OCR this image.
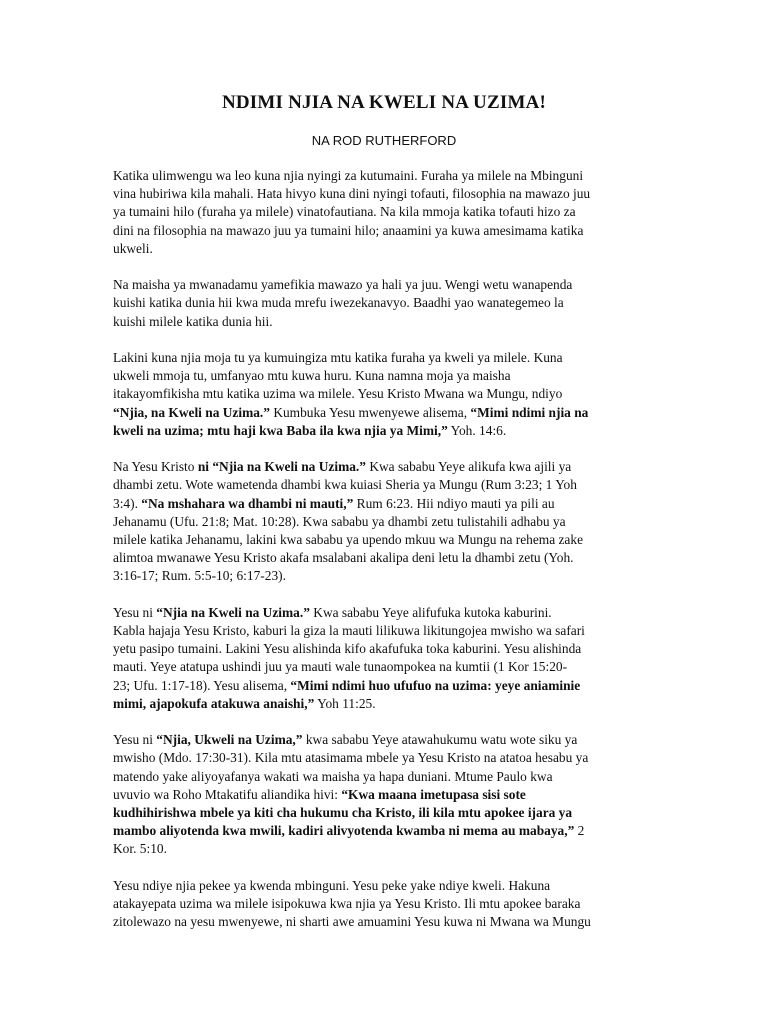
NDIMI NJIA NA KWELI NA UZIMA!

NA ROD RUTHERFORD

Katika ulimwengu wa leo kuna njia nyingi za kutumaini. Furaha ya milele na Mbinguni
vina hubiriwa kila mahali. Hata hivyo kuna dini nyingi tofauti, filosophia na mawazo juu
ya tumaini hilo (furaha ya milele) vinatofautiana. Na kila mmoja katika tofauti hizo za
dini na filosophia na mawazo juu ya tumaini hilo; anaamini ya kuwa amesimama katika
ukweli.
Na maisha ya mwanadamu yamefikia mawazo ya hali ya juu. Wengi wetu wanapenda
kuishi katika dunia hii kwa muda mrefu iwezekanavyo. Baadhi yao wanategemeo la
kuishi milele katika dunia hii.
Lakini kuna njia moja tu ya kumuingiza mtu katika furaha ya kweli ya milele. Kuna
ukweli mmoja tu, umfanyao mtu kuwa huru. Kuna namna moja ya maisha
itakayomfikisha mtu katika uzima wa milele. Yesu Kristo Mwana wa Mungu, ndiyo
“Njia, na Kweli na Uzima.” Kumbuka Yesu mwenyewe alisema, “Mimi ndimi njia na
kweli na uzima; mtu haji kwa Baba ila kwa njia ya Mimi,” Yoh. 14:6.
Na Yesu Kristo ni “Njia na Kweli na Uzima.” Kwa sababu Yeye alikufa kwa ajili ya
dhambi zetu. Wote wametenda dhambi kwa kuiasi Sheria ya Mungu (Rum 3:23; 1 Yoh
3:4). “Na mshahara wa dhambi ni mauti,” Rum 6:23. Hii ndiyo mauti ya pili au
Jehanamu (Ufu. 21:8; Mat. 10:28). Kwa sababu ya dhambi zetu tulistahili adhabu ya
milele katika Jehanamu, lakini kwa sababu ya upendo mkuu wa Mungu na rehema zake
alimtoa mwanawe Yesu Kristo akafa msalabani akalipa deni letu la dhambi zetu (Yoh.
3:16-17; Rum. 5:5-10; 6:17-23).
Yesu ni “Njia na Kweli na Uzima.” Kwa sababu Yeye alifufuka kutoka kaburini.
Kabla hajaja Yesu Kristo, kaburi la giza la mauti lilikuwa likitungojea mwisho wa safari
yetu pasipo tumaini. Lakini Yesu alishinda kifo akafufuka toka kaburini. Yesu alishinda
mauti. Yeye atatupa ushindi juu ya mauti wale tunaompokea na kumtii (1 Kor 15:20-
23; Ufu. 1:17-18). Yesu alisema, “Mimi ndimi huo ufufuo na uzima: yeye aniaminie
mimi, ajapokufa atakuwa anaishi,” Yoh 11:25.
Yesu ni “Njia, Ukweli na Uzima,” kwa sababu Yeye atawahukumu watu wote siku ya
mwisho (Mdo. 17:30-31). Kila mtu atasimama mbele ya Yesu Kristo na atatoa hesabu ya
matendo yake aliyoyafanya wakati wa maisha ya hapa duniani. Mtume Paulo kwa
uvuvio wa Roho Mtakatifu aliandika hivi: “Kwa maana imetupasa sisi sote
kudhihirishwa mbele ya kiti cha hukumu cha Kristo, ili kila mtu apokee ijara ya
mambo aliyotenda kwa mwili, kadiri alivyotenda kwamba ni mema au mabaya,” 2
Kor. 5:10.
Yesu ndiye njia pekee ya kwenda mbinguni. Yesu peke yake ndiye kweli. Hakuna
atakayepata uzima wa milele isipokuwa kwa njia ya Yesu Kristo. Ili mtu apokee baraka
zitolewazo na yesu mwenyewe, ni sharti awe amuamini Yesu kuwa ni Mwana wa Mungu
